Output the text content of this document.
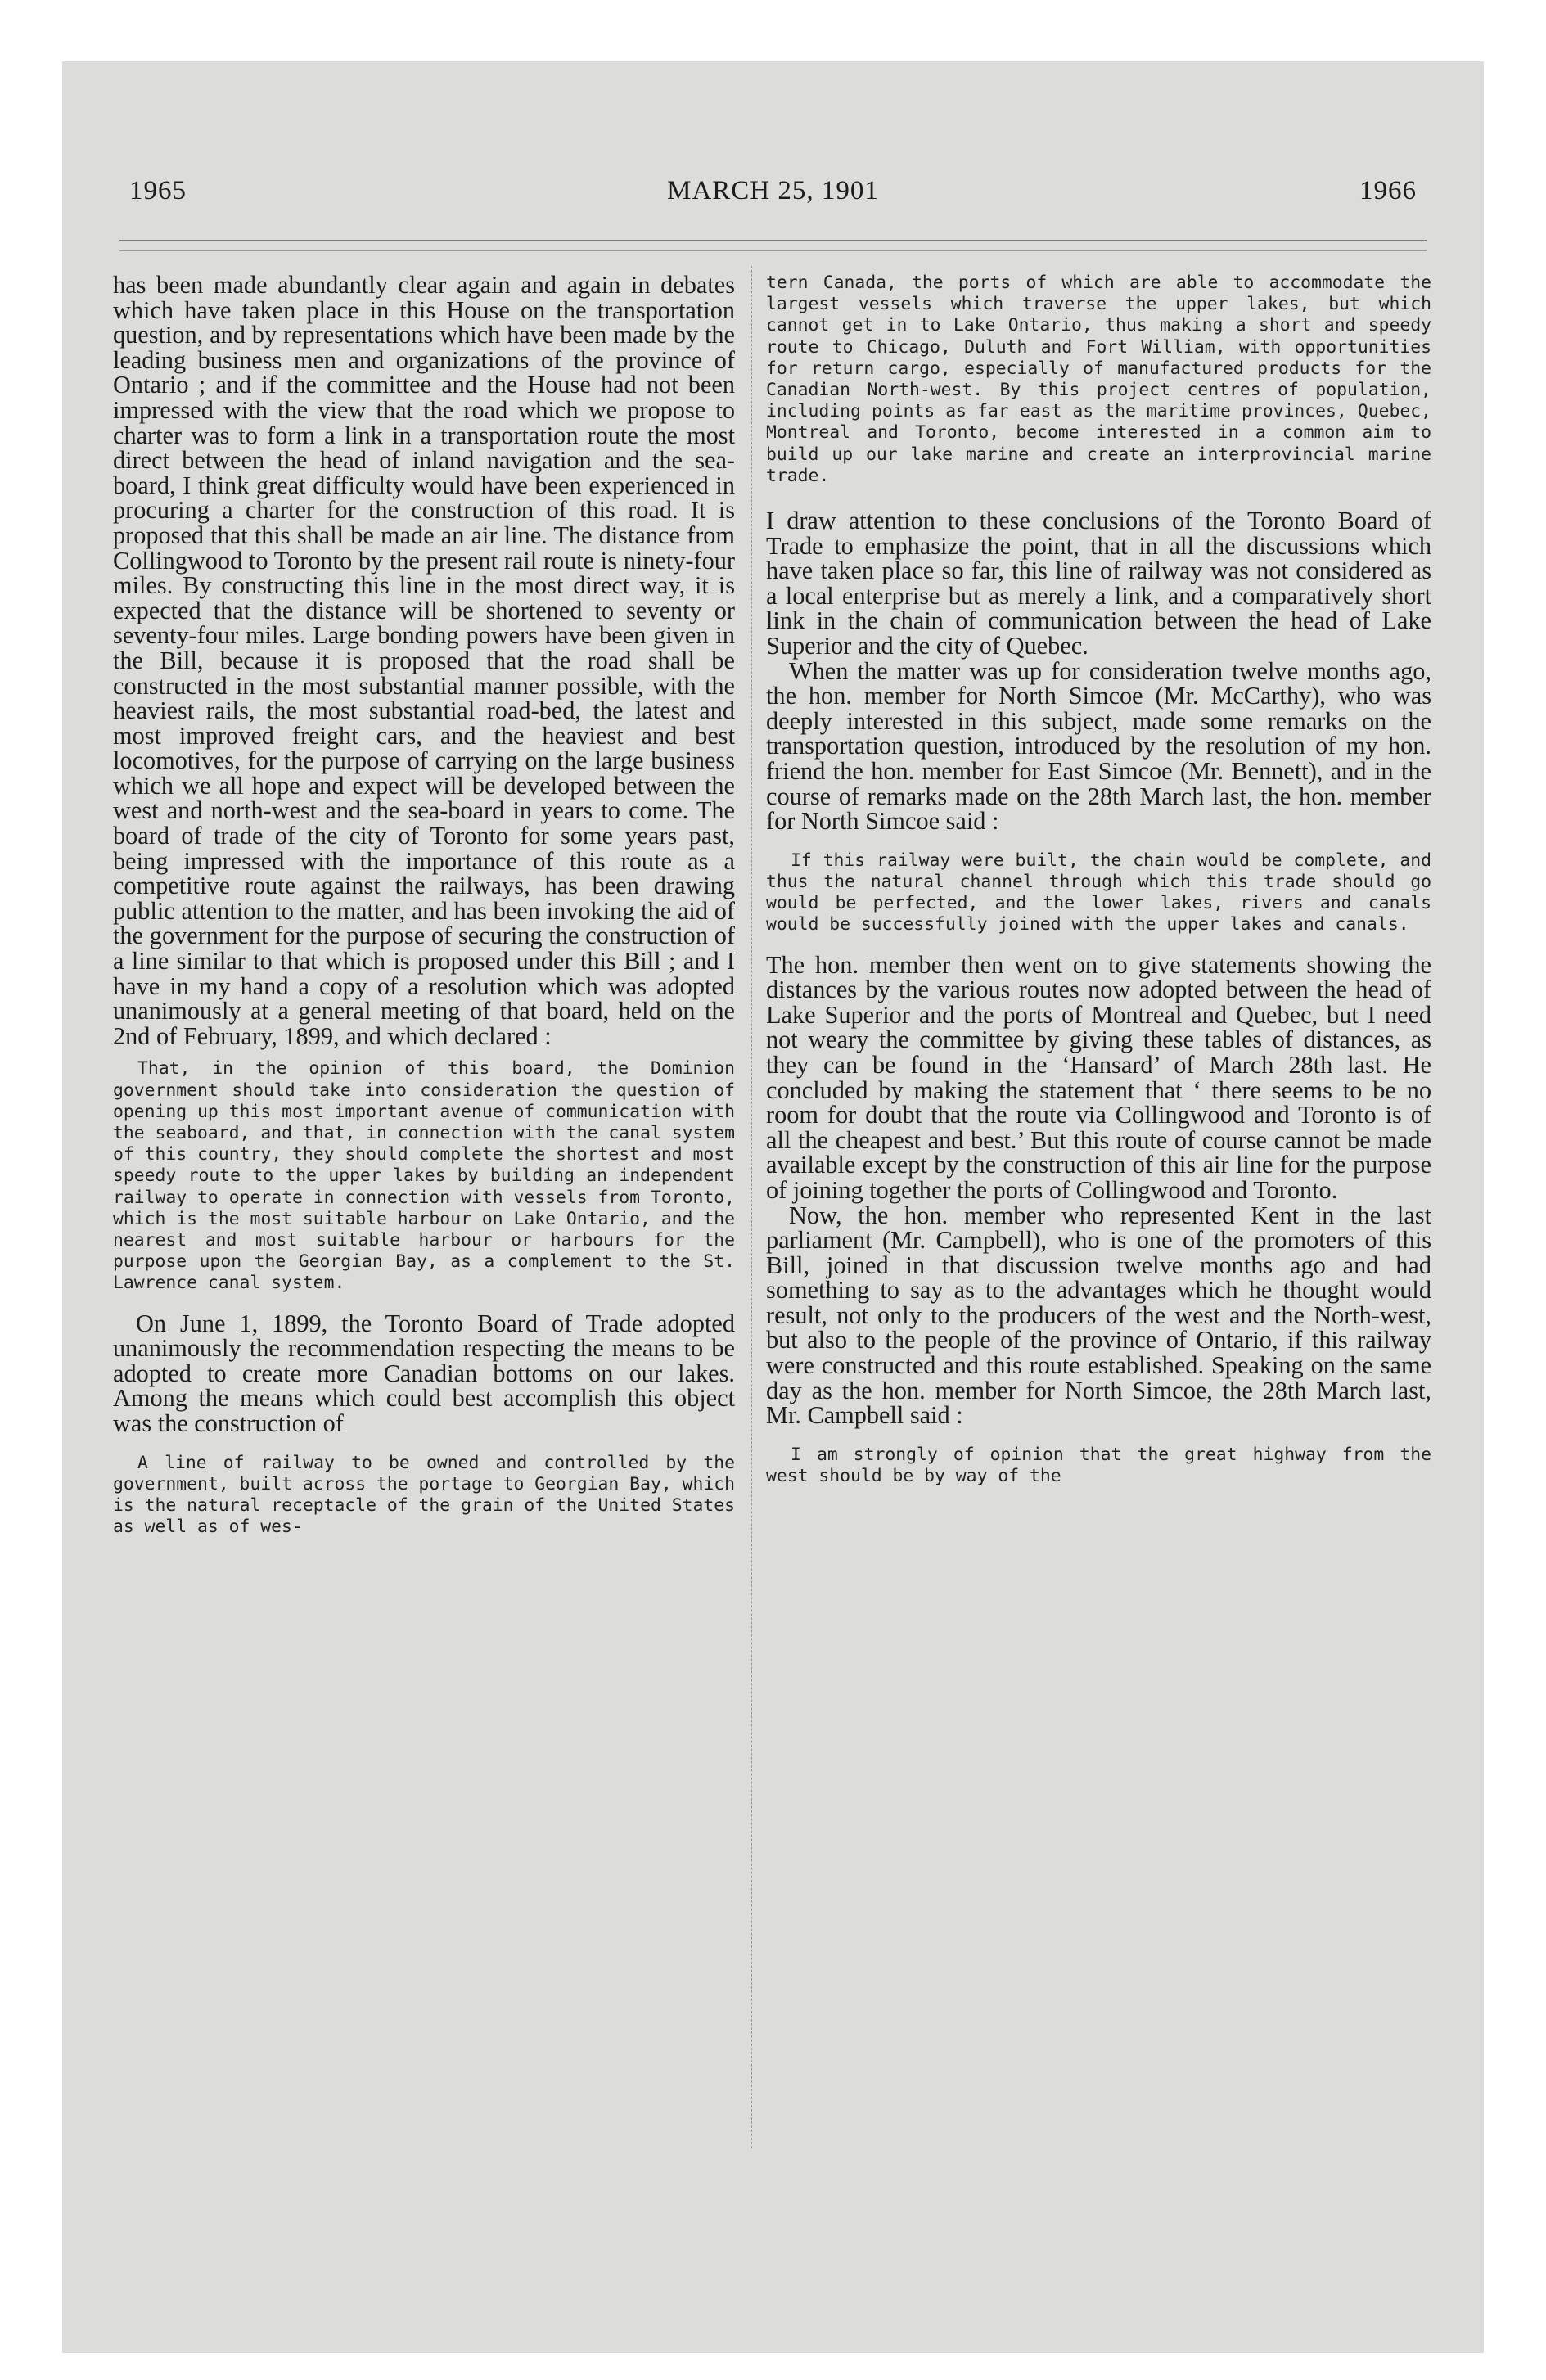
1965	MARCH 25, 1901	1966

has been made abundantly clear again and again in debates which have taken place in this House on the transportation question, and by representations which have been made by the leading business men and organizations of the province of Ontario ; and if the committee and the House had not been impressed with the view that the road which we propose to charter was to form a link in a transportation route the most direct between the head of inland navigation and the sea-board, I think great difficulty would have been experienced in procuring a charter for the construction of this road. It is proposed that this shall be made an air line. The distance from Collingwood to Toronto by the present rail route is ninety-four miles. By constructing this line in the most direct way, it is expected that the distance will be shortened to seventy or seventy-four miles. Large bonding powers have been given in the Bill, because it is proposed that the road shall be constructed in the most substantial manner possible, with the heaviest rails, the most substantial road-bed, the latest and most improved freight cars, and the heaviest and best locomotives, for the purpose of carrying on the large business which we all hope and expect will be developed between the west and north-west and the sea-board in years to come. The board of trade of the city of Toronto for some years past, being impressed with the importance of this route as a competitive route against the railways, has been drawing public attention to the matter, and has been invoking the aid of the government for the purpose of securing the construction of a line similar to that which is proposed under this Bill ; and I have in my hand a copy of a resolution which was adopted unanimously at a general meeting of that board, held on the 2nd of February, 1899, and which declared :

That, in the opinion of this board, the Dominion government should take into consideration the question of opening up this most important avenue of communication with the seaboard, and that, in connection with the canal system of this country, they should complete the shortest and most speedy route to the upper lakes by building an independent railway to operate in connection with vessels from Toronto, which is the most suitable harbour on Lake Ontario, and the nearest and most suitable harbour or harbours for the purpose upon the Georgian Bay, as a complement to the St. Lawrence canal system.

On June 1, 1899, the Toronto Board of Trade adopted unanimously the recommendation respecting the means to be adopted to create more Canadian bottoms on our lakes. Among the means which could best accomplish this object was the construction of

A line of railway to be owned and controlled by the government, built across the portage to Georgian Bay, which is the natural receptacle of the grain of the United States as well as of wes-

tern Canada, the ports of which are able to accommodate the largest vessels which traverse the upper lakes, but which cannot get in to Lake Ontario, thus making a short and speedy route to Chicago, Duluth and Fort William, with opportunities for return cargo, especially of manufactured products for the Canadian North-west. By this project centres of population, including points as far east as the maritime provinces, Quebec, Montreal and Toronto, become interested in a common aim to build up our lake marine and create an interprovincial marine trade.

I draw attention to these conclusions of the Toronto Board of Trade to emphasize the point, that in all the discussions which have taken place so far, this line of railway was not considered as a local enterprise but as merely a link, and a comparatively short link in the chain of communication between the head of Lake Superior and the city of Quebec.

When the matter was up for consideration twelve months ago, the hon. member for North Simcoe (Mr. McCarthy), who was deeply interested in this subject, made some remarks on the transportation question, introduced by the resolution of my hon. friend the hon. member for East Simcoe (Mr. Bennett), and in the course of remarks made on the 28th March last, the hon. member for North Simcoe said :

If this railway were built, the chain would be complete, and thus the natural channel through which this trade should go would be perfected, and the lower lakes, rivers and canals would be successfully joined with the upper lakes and canals.

The hon. member then went on to give statements showing the distances by the various routes now adopted between the head of Lake Superior and the ports of Montreal and Quebec, but I need not weary the committee by giving these tables of distances, as they can be found in the ‘Hansard’ of March 28th last. He concluded by making the statement that ‘ there seems to be no room for doubt that the route via Collingwood and Toronto is of all the cheapest and best.’ But this route of course cannot be made available except by the construction of this air line for the purpose of joining together the ports of Collingwood and Toronto.

Now, the hon. member who represented Kent in the last parliament (Mr. Campbell), who is one of the promoters of this Bill, joined in that discussion twelve months ago and had something to say as to the advantages which he thought would result, not only to the producers of the west and the North-west, but also to the people of the province of Ontario, if this railway were constructed and this route established. Speaking on the same day as the hon. member for North Simcoe, the 28th March last, Mr. Campbell said :

I am strongly of opinion that the great highway from the west should be by way of the
